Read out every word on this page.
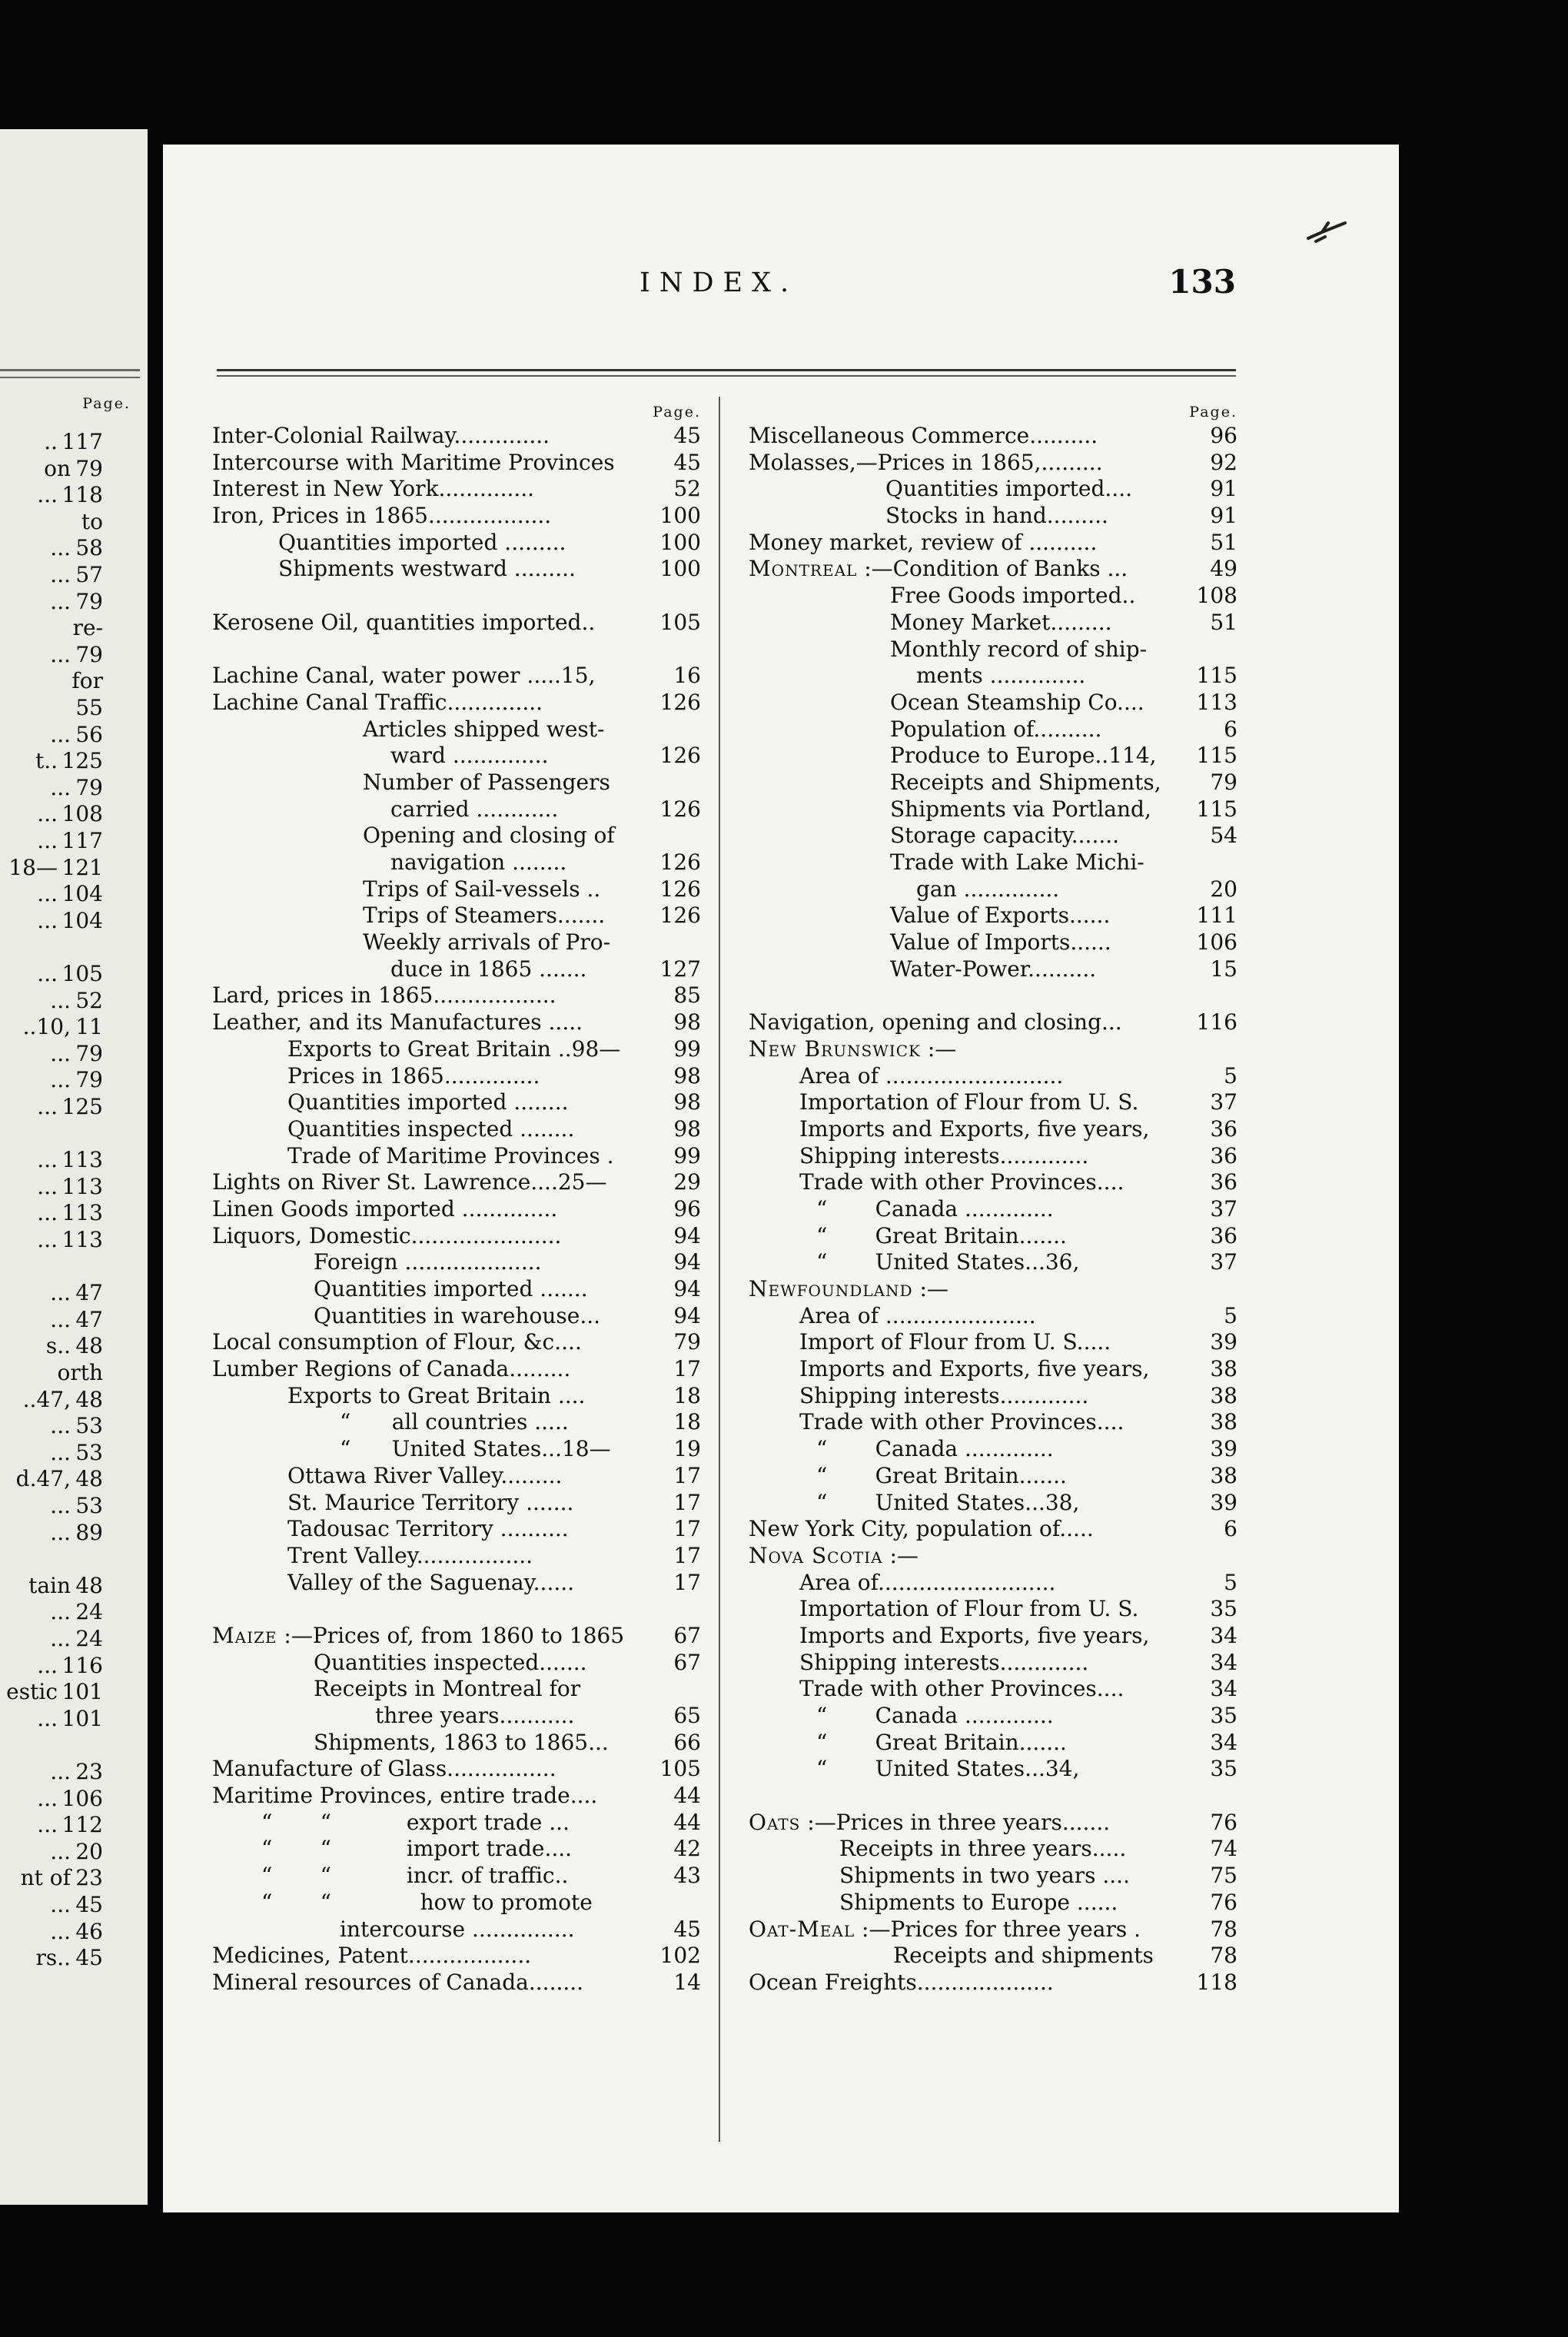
Page.
.. 117
on 79
... 118
to
... 58
... 57
... 79
re-
... 79
for
55
... 56
t.. 125
... 79
... 108
... 117
18— 121
... 104
... 104
... 105
... 52
..10, 11
... 79
... 79
... 125
... 113
... 113
... 113
... 113
... 47
... 47
s.. 48
orth
..47, 48
... 53
... 53
d.47, 48
... 53
... 89
tain 48
... 24
... 24
... 116
estic 101
... 101
... 23
... 106
... 112
... 20
nt of 23
... 45
... 46
rs.. 45
INDEX.	133
Page.
Inter-Colonial Railway..............	45
Intercourse with Maritime Provinces	45
Interest in New York..............	52
Iron, Prices in 1865..................	100
Quantities imported .........	100
Shipments westward .........	100
Kerosene Oil, quantities imported..	105
Lachine Canal, water power .....15,	16
Lachine Canal Traffic..............	126
Articles shipped west-
ward ..............	126
Number of Passengers
carried ............	126
Opening and closing of
navigation ........	126
Trips of Sail-vessels ..	126
Trips of Steamers.......	126
Weekly arrivals of Pro-
duce in 1865 .......	127
Lard, prices in 1865..................	85
Leather, and its Manufactures .....	98
Exports to Great Britain ..98— 99
Prices in 1865..............	98
Quantities imported ........	98
Quantities inspected ........	98
Trade of Maritime Provinces .	99
Lights on River St. Lawrence....25—	29
Linen Goods imported ..............	96
Liquors, Domestic......................	94
Foreign ....................	94
Quantities imported .......	94
Quantities in warehouse...	94
Local consumption of Flour, &c....	79
Lumber Regions of Canada.........	17
Exports to Great Britain ....	18
“      all countries .....	18
“      United States...18—	19
Ottawa River Valley.........	17
St. Maurice Territory .......	17
Tadousac Territory ..........	17
Trent Valley.................	17
Valley of the Saguenay......	17
Maize :—Prices of, from 1860 to 1865 67
Quantities inspected.......	67
Receipts in Montreal for
three years...........	65
Shipments, 1863 to 1865...	66
Manufacture of Glass................	105
Maritime Provinces, entire trade....	44
“       “           export trade ...	44
“       “           import trade....	42
“       “           incr. of traffic..	43
“       “             how to promote
intercourse ...............	45
Medicines, Patent..................	102
Mineral resources of Canada........	14
Page.
Miscellaneous Commerce..........	96
Molasses,—Prices in 1865,.........	92
Quantities imported....	91
Stocks in hand.........	91
Money market, review of ..........	51
Montreal :—Condition of Banks ...	49
Free Goods imported..	108
Money Market.........	51
Monthly record of ship-
ments ..............	115
Ocean Steamship Co.... 113
Population of..........	6
Produce to Europe..114, 115
Receipts and Shipments, 79
Shipments via Portland, 115
Storage capacity.......	54
Trade with Lake Michi-
gan ..............	20
Value of Exports......	111
Value of Imports......	106
Water-Power..........	15
Navigation, opening and closing...	116
New Brunswick :—
Area of ..........................	5
Importation of Flour from U. S.	37
Imports and Exports, five years,	36
Shipping interests.............	36
Trade with other Provinces....	36
“       Canada .............	37
“       Great Britain.......	36
“       United States...36,	37
Newfoundland :—
Area of ......................	5
Import of Flour from U. S.....	39
Imports and Exports, five years,	38
Shipping interests.............	38
Trade with other Provinces....	38
“       Canada .............	39
“       Great Britain.......	38
“       United States...38,	39
New York City, population of.....	6
Nova Scotia :—
Area of..........................	5
Importation of Flour from U. S.	35
Imports and Exports, five years,	34
Shipping interests.............	34
Trade with other Provinces....	34
“       Canada .............	35
“       Great Britain.......	34
“       United States...34,	35
Oats :—Prices in three years.......	76
Receipts in three years.....	74
Shipments in two years ....	75
Shipments to Europe ......	76
Oat-Meal :—Prices for three years .	78
Receipts and shipments	78
Ocean Freights....................	118
